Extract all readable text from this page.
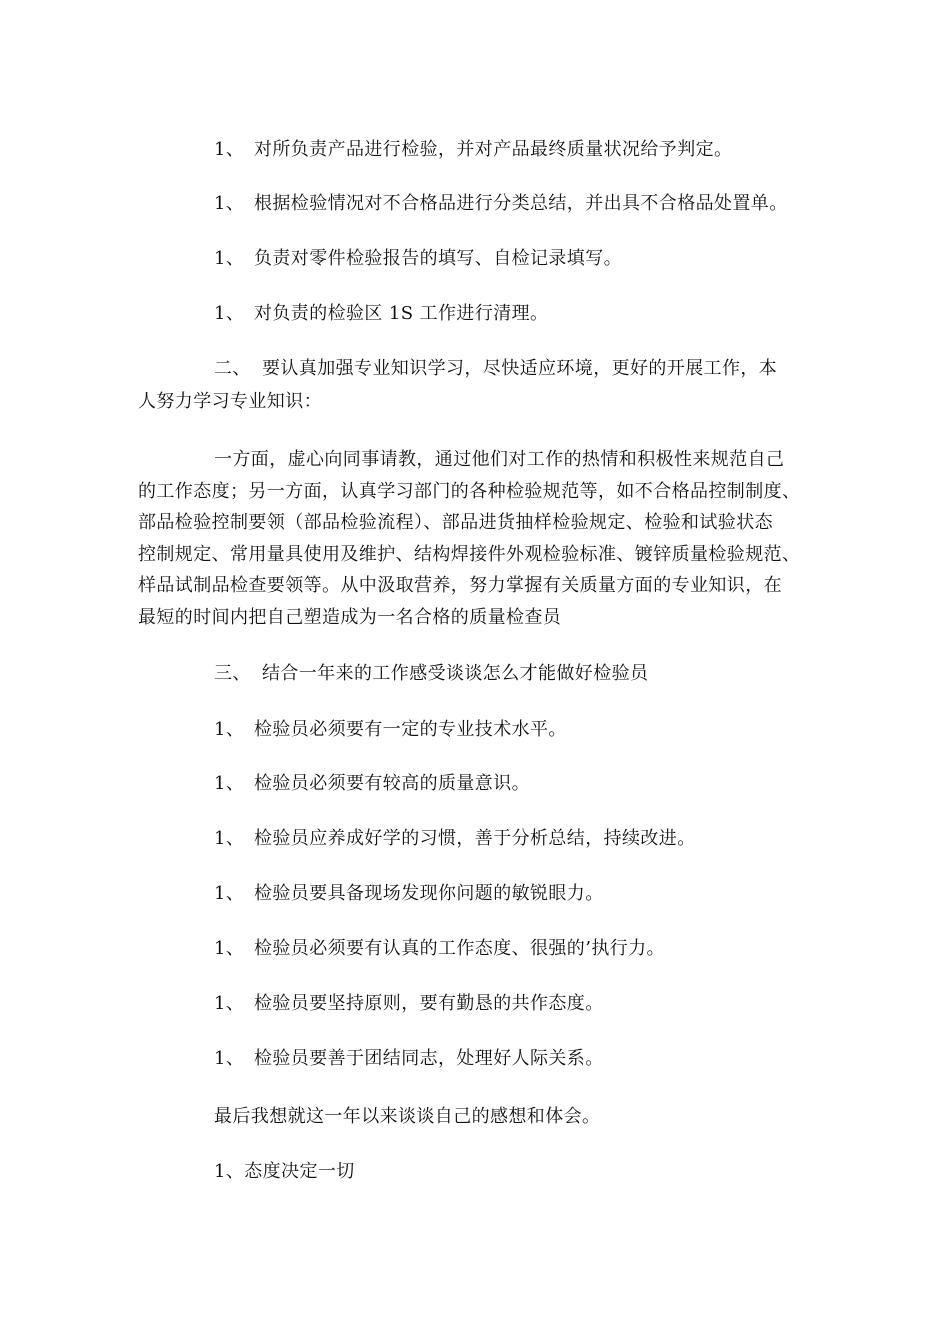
1、 对所负责产品进行检验，并对产品最终质量状况给予判定。
1、 根据检验情况对不合格品进行分类总结，并出具不合格品处置单。
1、 负责对零件检验报告的填写、自检记录填写。
1、 对负责的检验区 1S 工作进行清理。
二、 要认真加强专业知识学习，尽快适应环境，更好的开展工作，本
人努力学习专业知识：
一方面，虚心向同事请教，通过他们对工作的热情和积极性来规范自己
的工作态度；另一方面，认真学习部门的各种检验规范等，如不合格品控制制度、
部品检验控制要领（部品检验流程）、部品进货抽样检验规定、检验和试验状态
控制规定、常用量具使用及维护、结构焊接件外观检验标准、镀锌质量检验规范、
样品试制品检查要领等。从中汲取营养，努力掌握有关质量方面的专业知识，在
最短的时间内把自己塑造成为一名合格的质量检查员
三、 结合一年来的工作感受谈谈怎么才能做好检验员
1、 检验员必须要有一定的专业技术水平。
1、 检验员必须要有较高的质量意识。
1、 检验员应养成好学的习惯，善于分析总结，持续改进。
1、 检验员要具备现场发现你问题的敏锐眼力。
1、 检验员必须要有认真的工作态度、很强的’执行力。
1、 检验员要坚持原则，要有勤恳的共作态度。
1、 检验员要善于团结同志，处理好人际关系。
最后我想就这一年以来谈谈自己的感想和体会。
1、态度决定一切
